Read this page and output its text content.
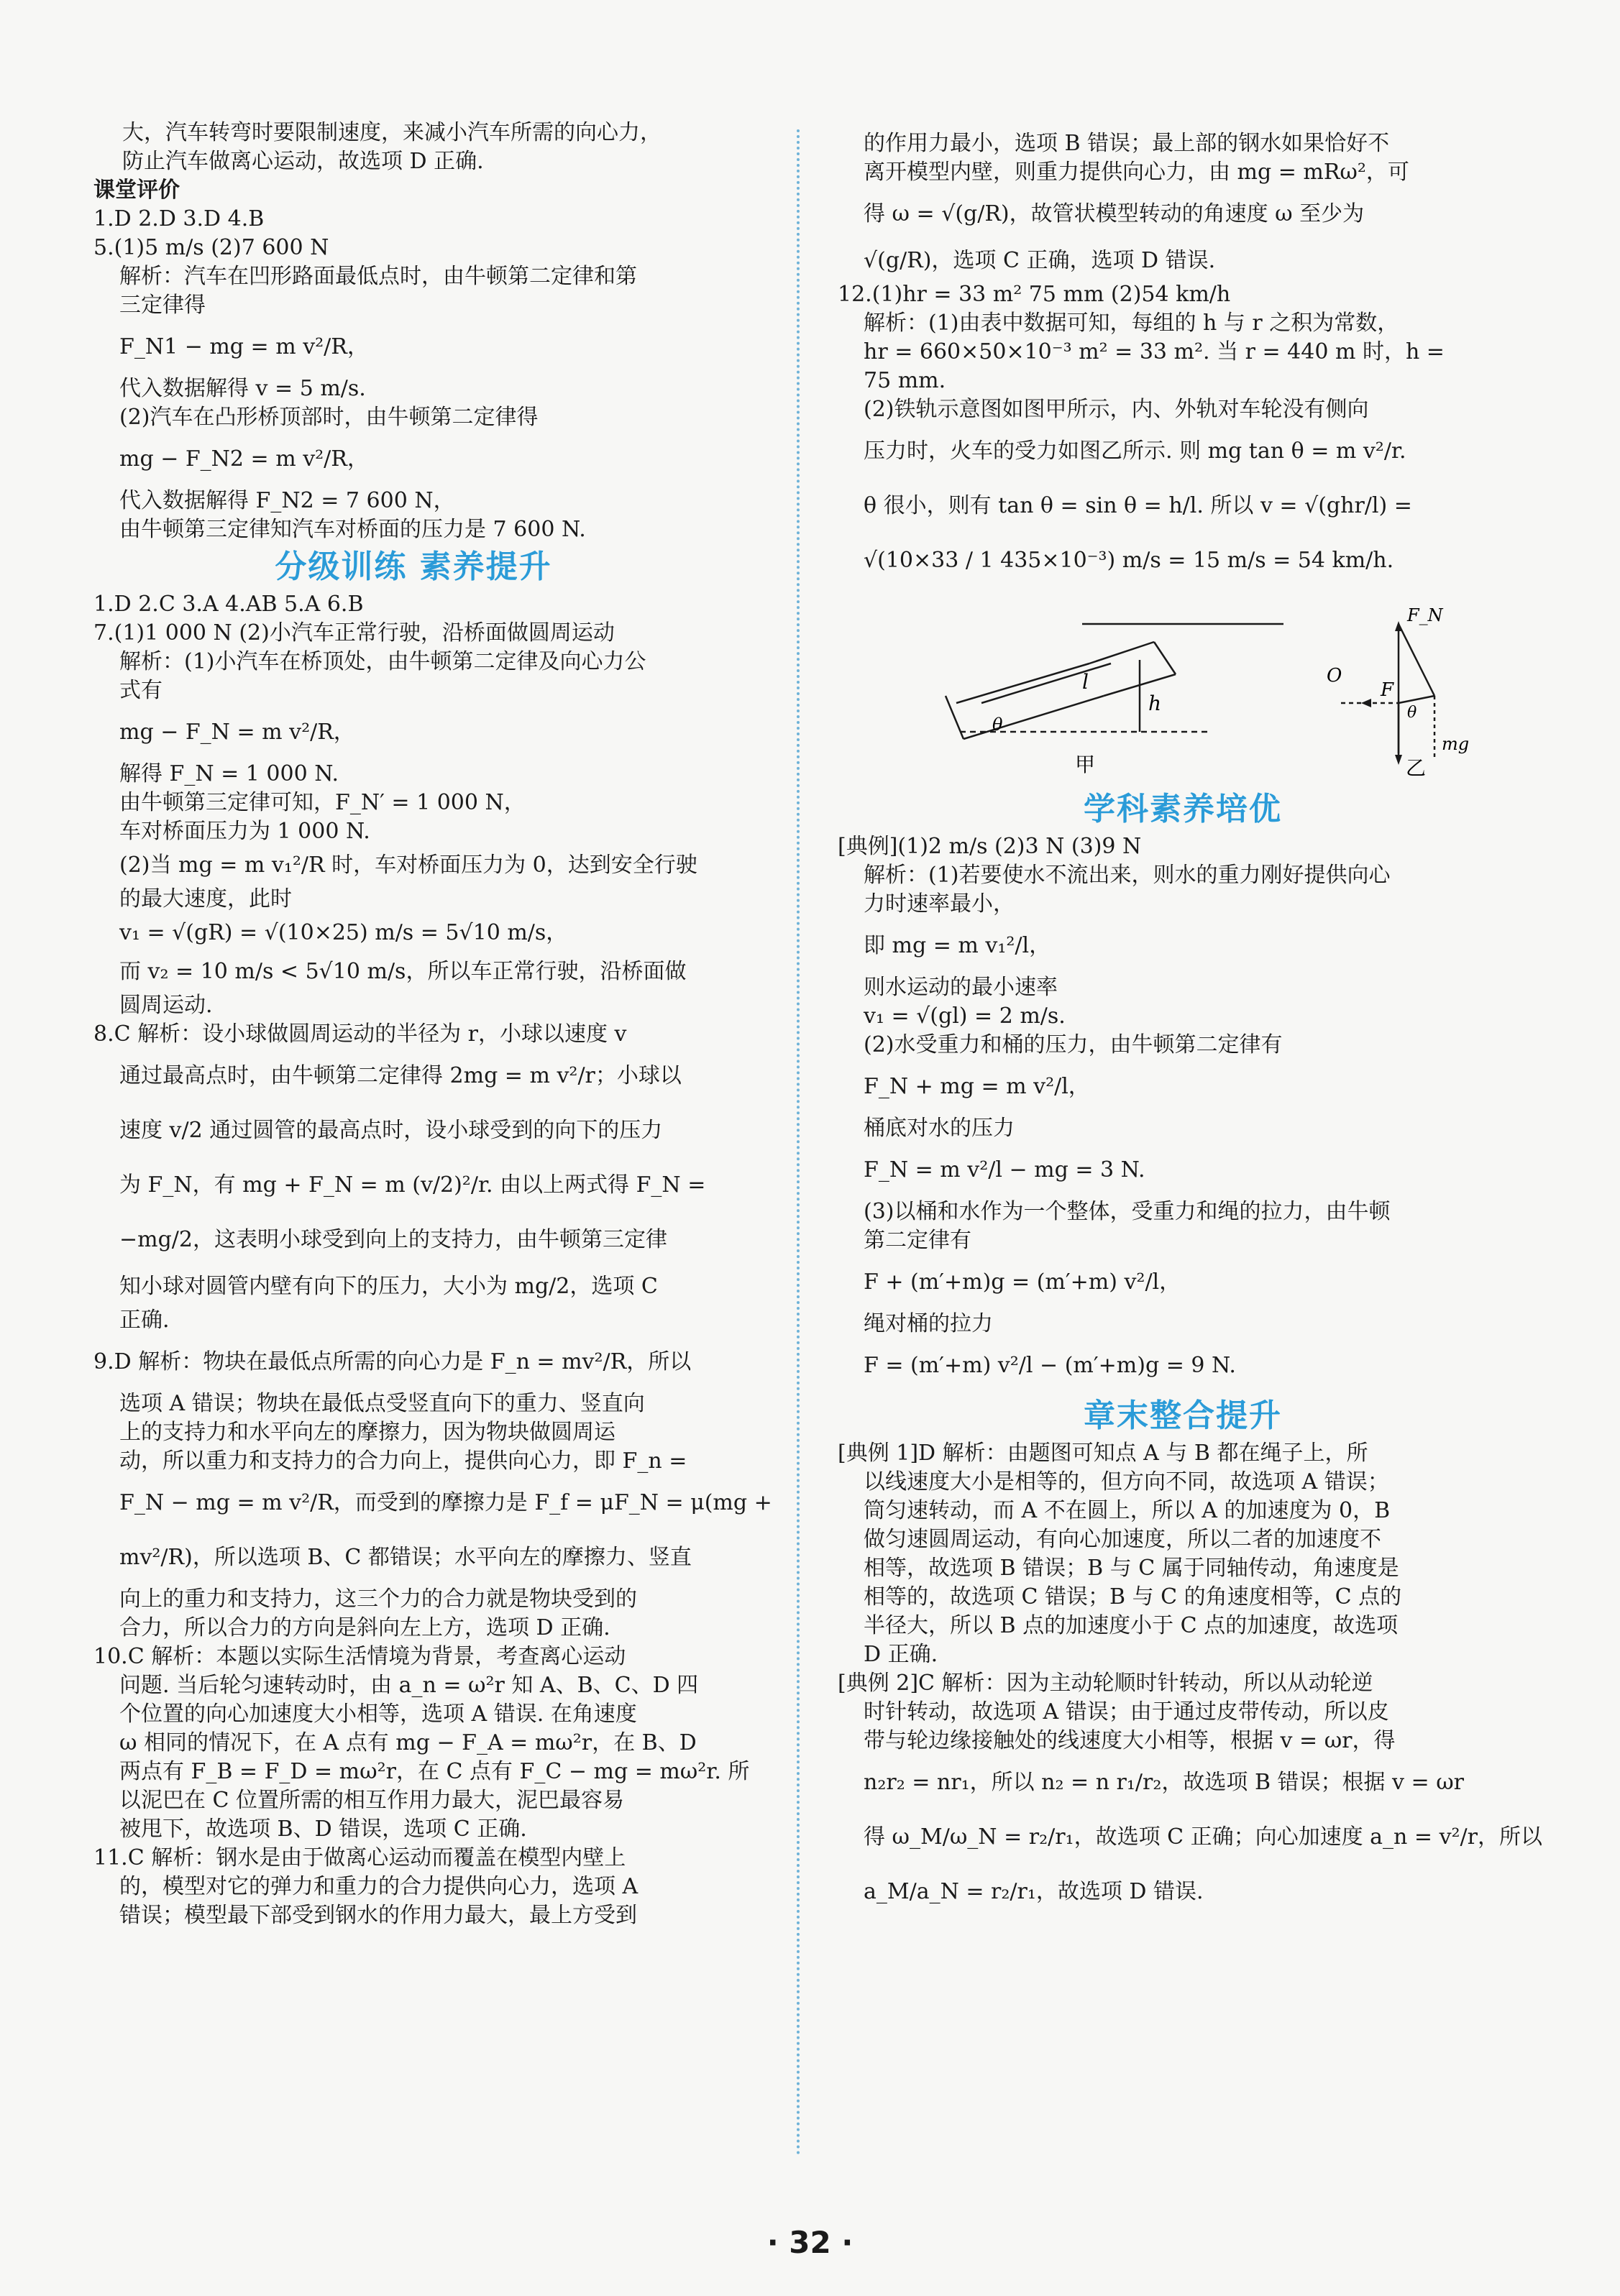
大，汽车转弯时要限制速度，来减小汽车所需的向心力，
防止汽车做离心运动，故选项 D 正确.
课堂评价
1.D 2.D 3.D 4.B
5.(1)5 m/s (2)7 600 N
解析：汽车在凹形路面最低点时，由牛顿第二定律和第
三定律得
F_N1 − mg = m v²/R，
代入数据解得 v = 5 m/s.
(2)汽车在凸形桥顶部时，由牛顿第二定律得
mg − F_N2 = m v²/R，
代入数据解得 F_N2 = 7 600 N，
由牛顿第三定律知汽车对桥面的压力是 7 600 N.
分级训练 素养提升
1.D 2.C 3.A 4.AB 5.A 6.B
7.(1)1 000 N (2)小汽车正常行驶，沿桥面做圆周运动
解析：(1)小汽车在桥顶处，由牛顿第二定律及向心力公
式有
mg − F_N = m v²/R，
解得 F_N = 1 000 N.
由牛顿第三定律可知，F_N′ = 1 000 N，
车对桥面压力为 1 000 N.
(2)当 mg = m v₁²/R 时，车对桥面压力为 0，达到安全行驶
的最大速度，此时
v₁ = √(gR) = √(10×25) m/s = 5√10 m/s，
而 v₂ = 10 m/s < 5√10 m/s，所以车正常行驶，沿桥面做
圆周运动.
8.C 解析：设小球做圆周运动的半径为 r，小球以速度 v
通过最高点时，由牛顿第二定律得 2mg = m v²/r；小球以
速度 v/2 通过圆管的最高点时，设小球受到的向下的压力
为 F_N，有 mg + F_N = m (v/2)²/r. 由以上两式得 F_N =
−mg/2，这表明小球受到向上的支持力，由牛顿第三定律
知小球对圆管内壁有向下的压力，大小为 mg/2，选项 C
正确.
9.D 解析：物块在最低点所需的向心力是 F_n = mv²/R，所以
选项 A 错误；物块在最低点受竖直向下的重力、竖直向
上的支持力和水平向左的摩擦力，因为物块做圆周运
动，所以重力和支持力的合力向上，提供向心力，即 F_n =
F_N − mg = m v²/R，而受到的摩擦力是 F_f = μF_N = μ(mg +
mv²/R)，所以选项 B、C 都错误；水平向左的摩擦力、竖直
向上的重力和支持力，这三个力的合力就是物块受到的
合力，所以合力的方向是斜向左上方，选项 D 正确.
10.C 解析：本题以实际生活情境为背景，考查离心运动
问题. 当后轮匀速转动时，由 a_n = ω²r 知 A、B、C、D 四
个位置的向心加速度大小相等，选项 A 错误. 在角速度
ω 相同的情况下，在 A 点有 mg − F_A = mω²r，在 B、D
两点有 F_B = F_D = mω²r，在 C 点有 F_C − mg = mω²r. 所
以泥巴在 C 位置所需的相互作用力最大，泥巴最容易
被甩下，故选项 B、D 错误，选项 C 正确.
11.C 解析：钢水是由于做离心运动而覆盖在模型内壁上
的，模型对它的弹力和重力的合力提供向心力，选项 A
错误；模型最下部受到钢水的作用力最大，最上方受到
的作用力最小，选项 B 错误；最上部的钢水如果恰好不
离开模型内壁，则重力提供向心力，由 mg = mRω²，可
得 ω = √(g/R)，故管状模型转动的角速度 ω 至少为
√(g/R)，选项 C 正确，选项 D 错误.
12.(1)hr = 33 m² 75 mm (2)54 km/h
解析：(1)由表中数据可知，每组的 h 与 r 之积为常数，
hr = 660×50×10⁻³ m² = 33 m². 当 r = 440 m 时，h =
75 mm.
(2)铁轨示意图如图甲所示，内、外轨对车轮没有侧向
压力时，火车的受力如图乙所示. 则 mg tan θ = m v²/r.
θ 很小，则有 tan θ = sin θ = h/l. 所以 v = √(ghr/l) =
√(10×33 / 1 435×10⁻³) m/s = 15 m/s = 54 km/h.
l
h
θ
甲
F_N
O
F
θ
mg
乙
学科素养培优
[典例](1)2 m/s (2)3 N (3)9 N
解析：(1)若要使水不流出来，则水的重力刚好提供向心
力时速率最小，
即 mg = m v₁²/l，
则水运动的最小速率
v₁ = √(gl) = 2 m/s.
(2)水受重力和桶的压力，由牛顿第二定律有
F_N + mg = m v²/l，
桶底对水的压力
F_N = m v²/l − mg = 3 N.
(3)以桶和水作为一个整体，受重力和绳的拉力，由牛顿
第二定律有
F + (m′+m)g = (m′+m) v²/l，
绳对桶的拉力
F = (m′+m) v²/l − (m′+m)g = 9 N.
章末整合提升
[典例 1]D 解析：由题图可知点 A 与 B 都在绳子上，所
以线速度大小是相等的，但方向不同，故选项 A 错误；
筒匀速转动，而 A 不在圆上，所以 A 的加速度为 0，B
做匀速圆周运动，有向心加速度，所以二者的加速度不
相等，故选项 B 错误；B 与 C 属于同轴传动，角速度是
相等的，故选项 C 错误；B 与 C 的角速度相等，C 点的
半径大，所以 B 点的加速度小于 C 点的加速度，故选项
D 正确.
[典例 2]C 解析：因为主动轮顺时针转动，所以从动轮逆
时针转动，故选项 A 错误；由于通过皮带传动，所以皮
带与轮边缘接触处的线速度大小相等，根据 v = ωr，得
n₂r₂ = nr₁，所以 n₂ = n r₁/r₂，故选项 B 错误；根据 v = ωr
得 ω_M/ω_N = r₂/r₁，故选项 C 正确；向心加速度 a_n = v²/r，所以
a_M/a_N = r₂/r₁，故选项 D 错误.
· 32 ·
